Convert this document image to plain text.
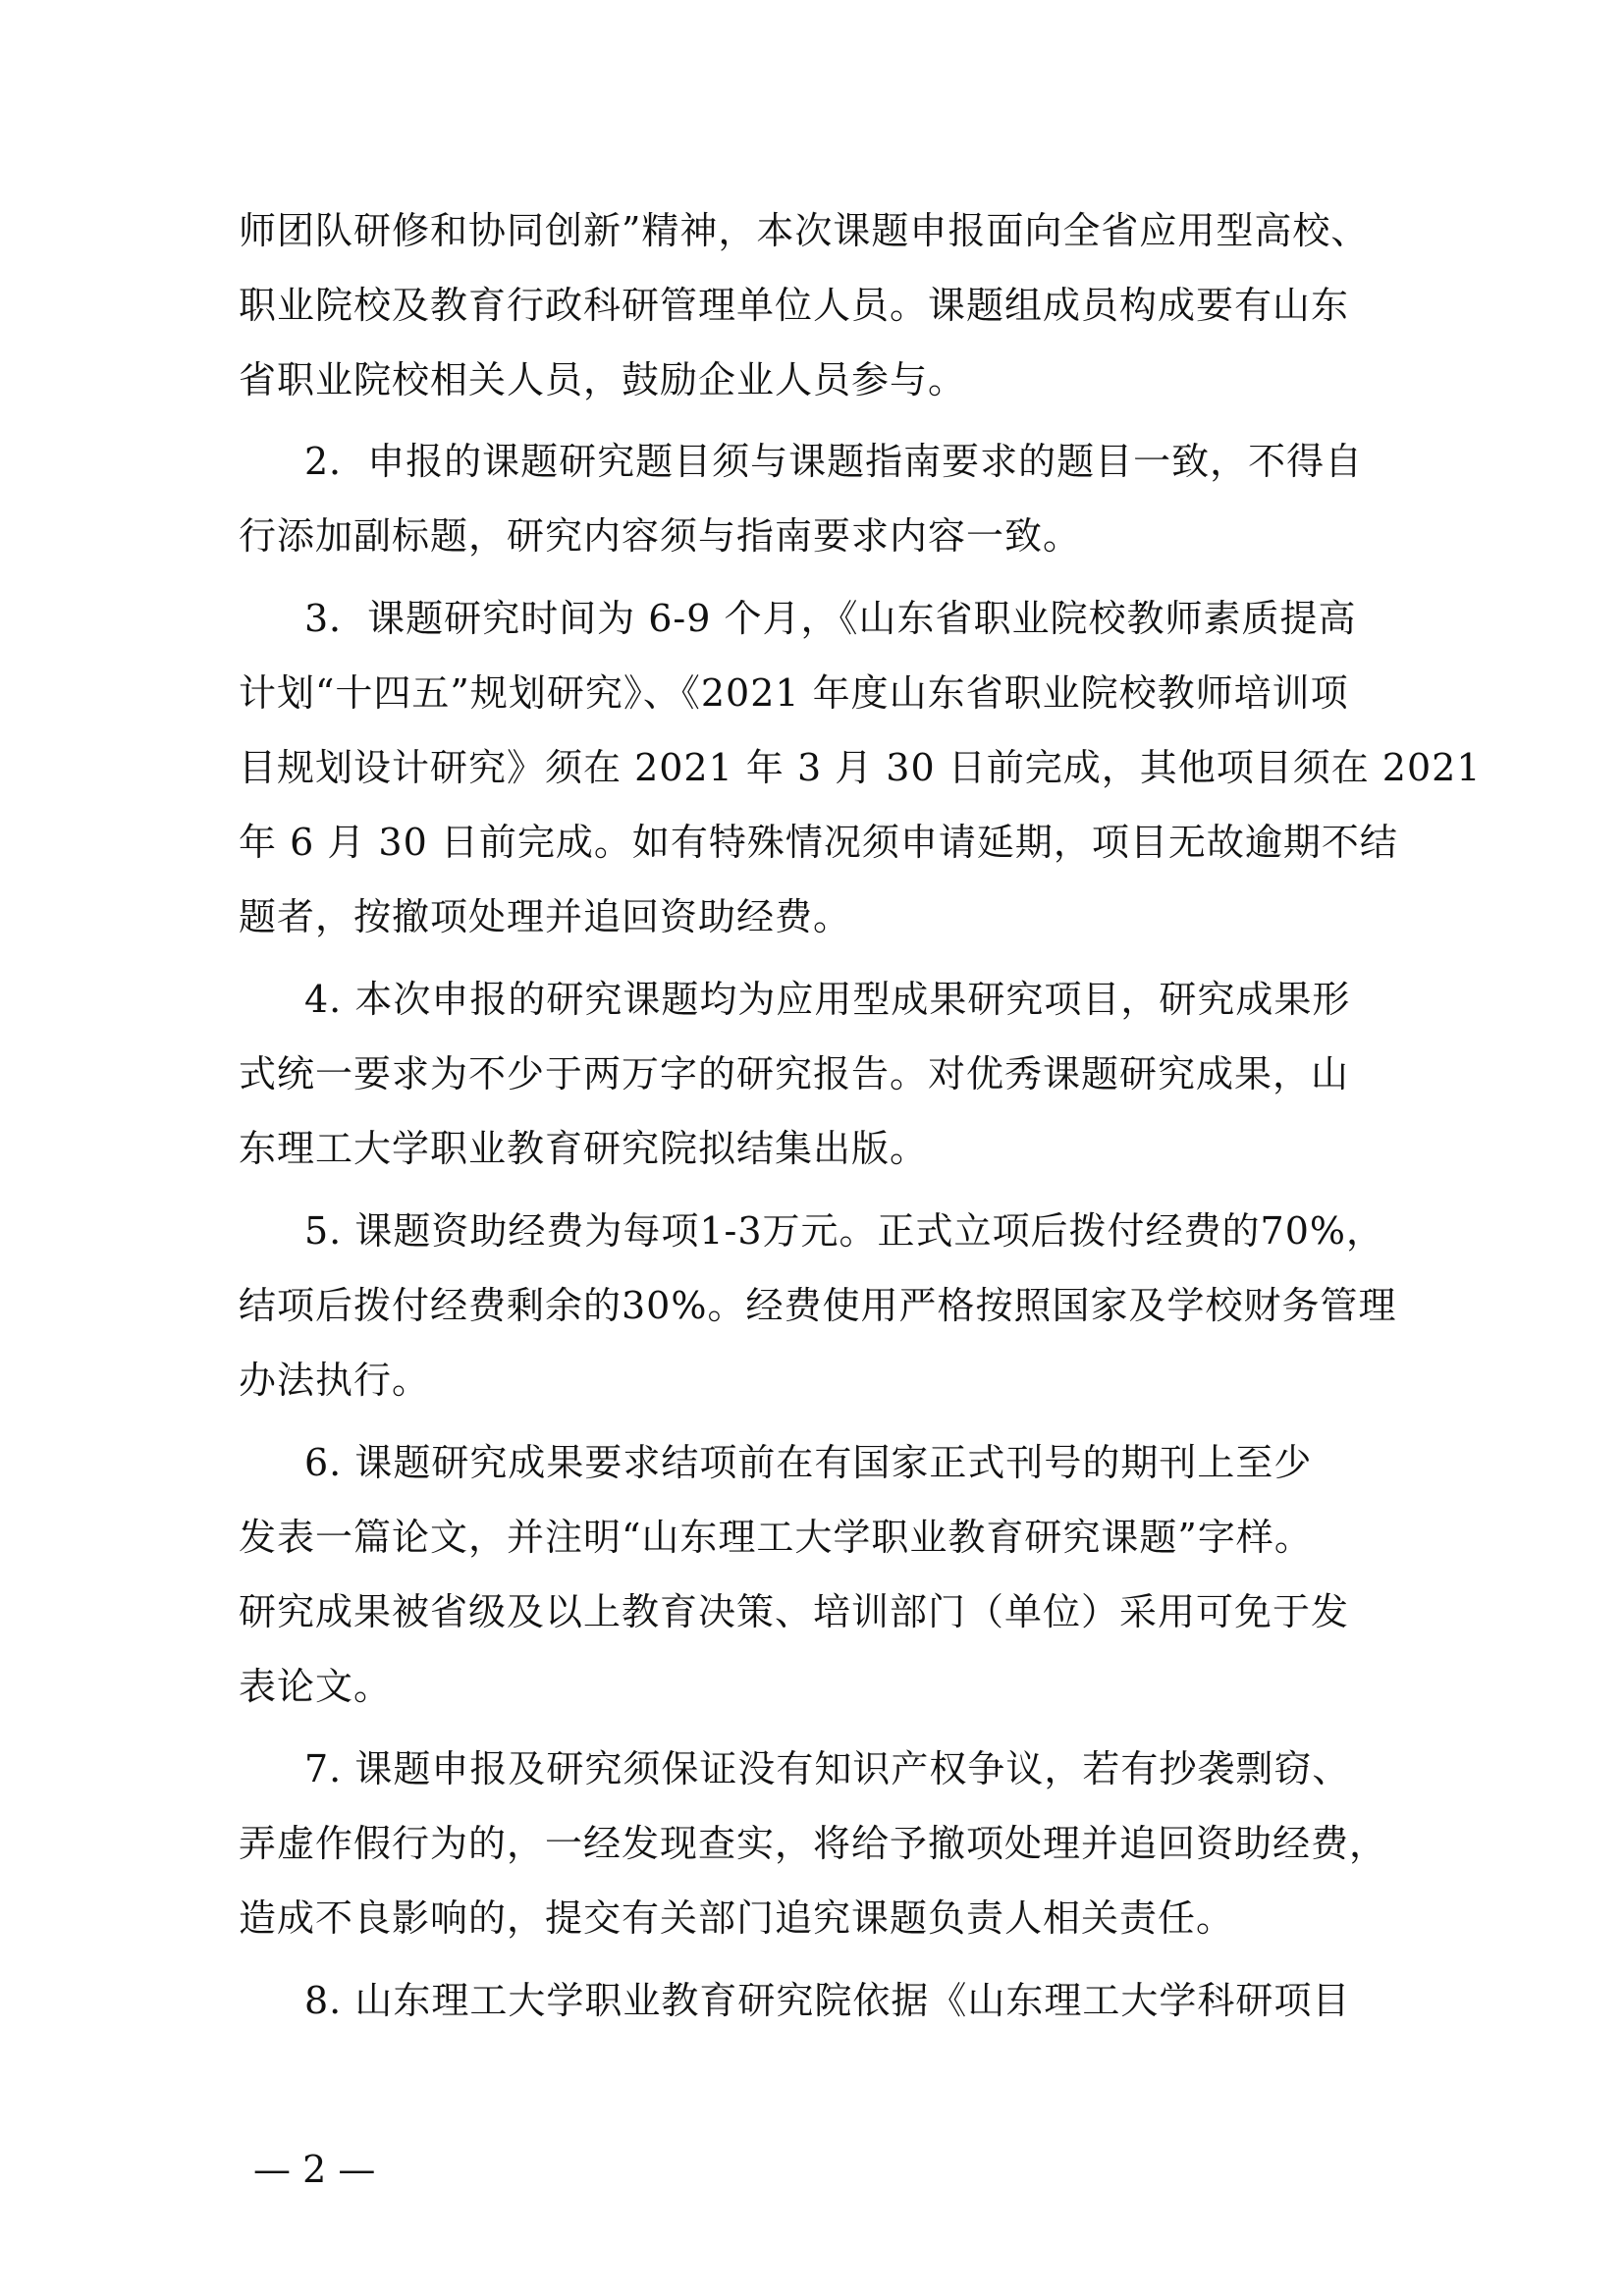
师团队研修和协同创新”精神，本次课题申报面向全省应用型高校、
职业院校及教育行政科研管理单位人员。课题组成员构成要有山东
省职业院校相关人员，鼓励企业人员参与。
2．申报的课题研究题目须与课题指南要求的题目一致，不得自
行添加副标题，研究内容须与指南要求内容一致。
3．课题研究时间为 6-9 个月，《山东省职业院校教师素质提高
计划“十四五”规划研究》、《2021 年度山东省职业院校教师培训项
目规划设计研究》须在 2021 年 3 月 30 日前完成，其他项目须在 2021
年 6 月 30 日前完成。如有特殊情况须申请延期，项目无故逾期不结
题者，按撤项处理并追回资助经费。
4. 本次申报的研究课题均为应用型成果研究项目，研究成果形
式统一要求为不少于两万字的研究报告。对优秀课题研究成果，山
东理工大学职业教育研究院拟结集出版。
5. 课题资助经费为每项1-3万元。正式立项后拨付经费的70%，
结项后拨付经费剩余的30%。经费使用严格按照国家及学校财务管理
办法执行。
6. 课题研究成果要求结项前在有国家正式刊号的期刊上至少
发表一篇论文，并注明“山东理工大学职业教育研究课题”字样。
研究成果被省级及以上教育决策、培训部门（单位）采用可免于发
表论文。
7. 课题申报及研究须保证没有知识产权争议，若有抄袭剽窃、
弄虚作假行为的，一经发现查实，将给予撤项处理并追回资助经费，
造成不良影响的，提交有关部门追究课题负责人相关责任。
8. 山东理工大学职业教育研究院依据《山东理工大学科研项目
— 2 —
